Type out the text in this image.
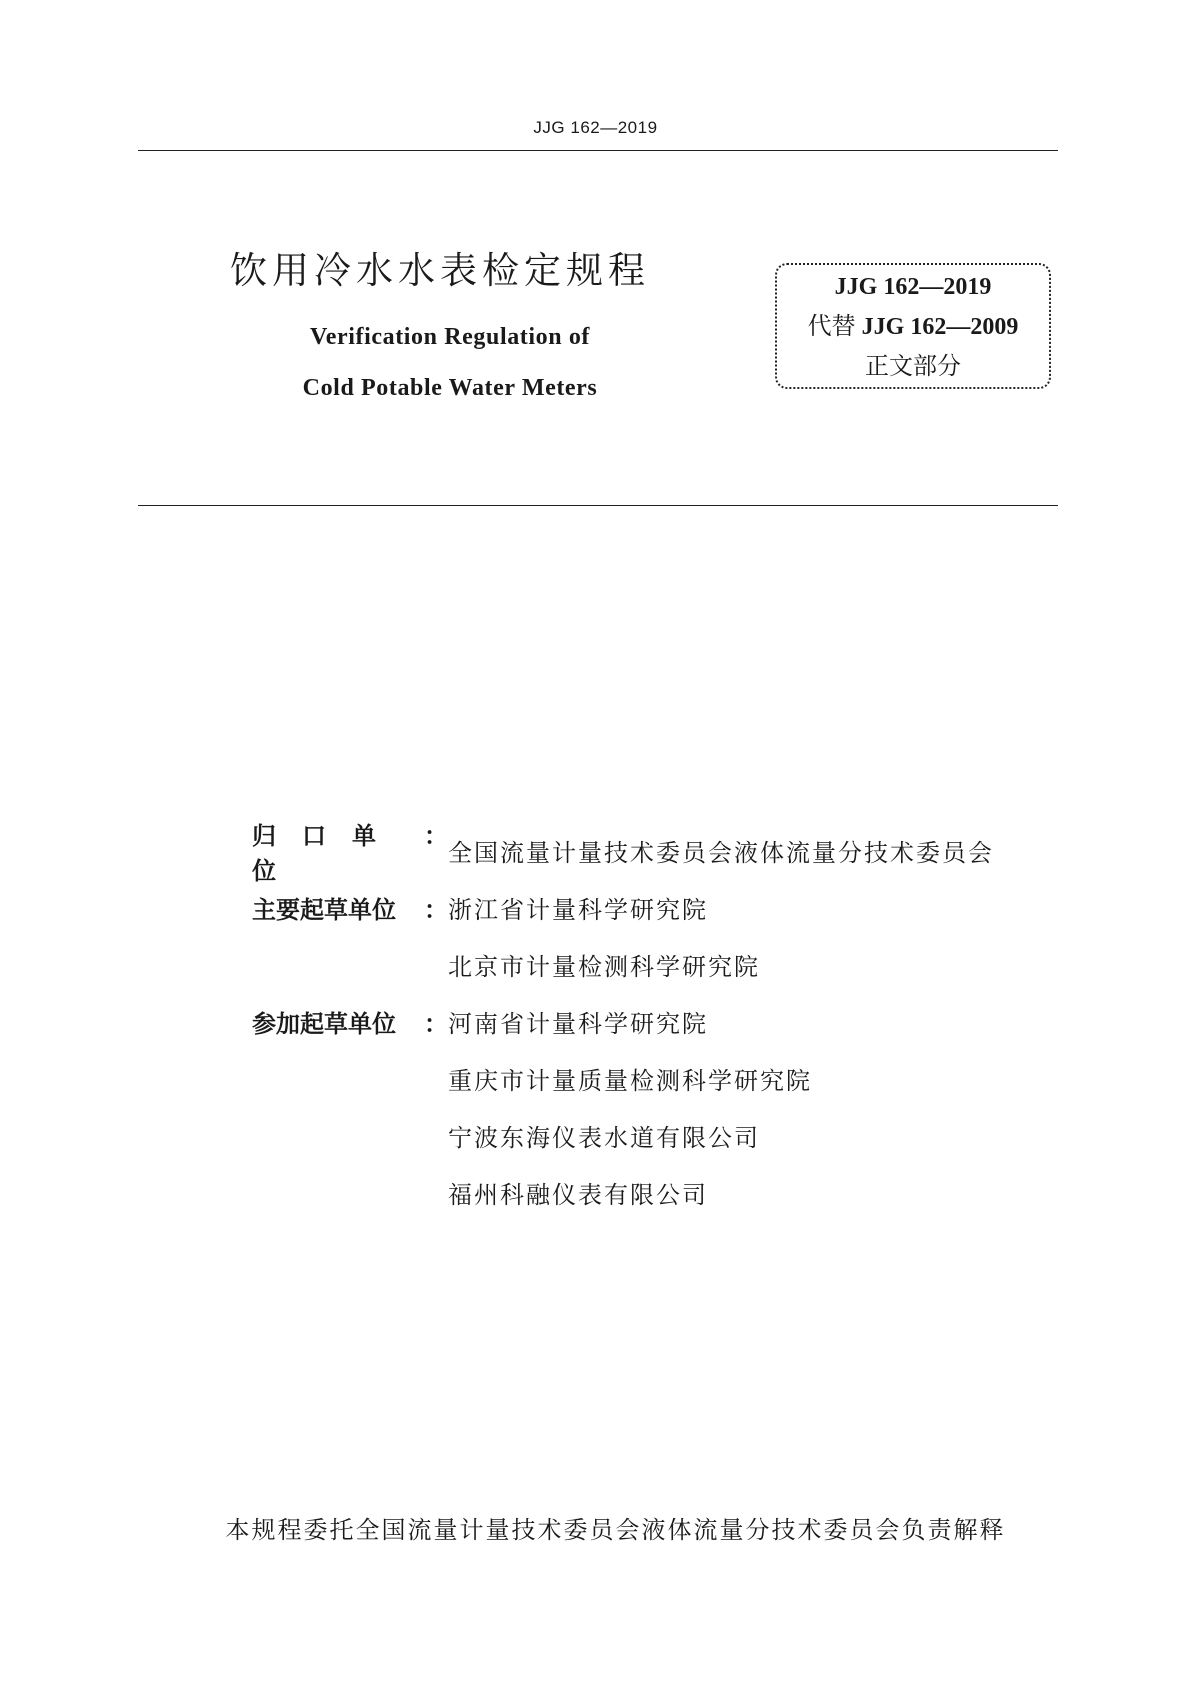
JJG 162—2019
饮用冷水水表检定规程
Verification Regulation of
Cold Potable Water Meters
JJG 162—2019
代替 JJG 162—2009
正文部分
归口单位
：
全国流量计量技术委员会液体流量分技术委员会
主要起草单位 ： 浙江省计量科学研究院
北京市计量检测科学研究院
参加起草单位 ： 河南省计量科学研究院
重庆市计量质量检测科学研究院
宁波东海仪表水道有限公司
福州科融仪表有限公司
本规程委托全国流量计量技术委员会液体流量分技术委员会负责解释
